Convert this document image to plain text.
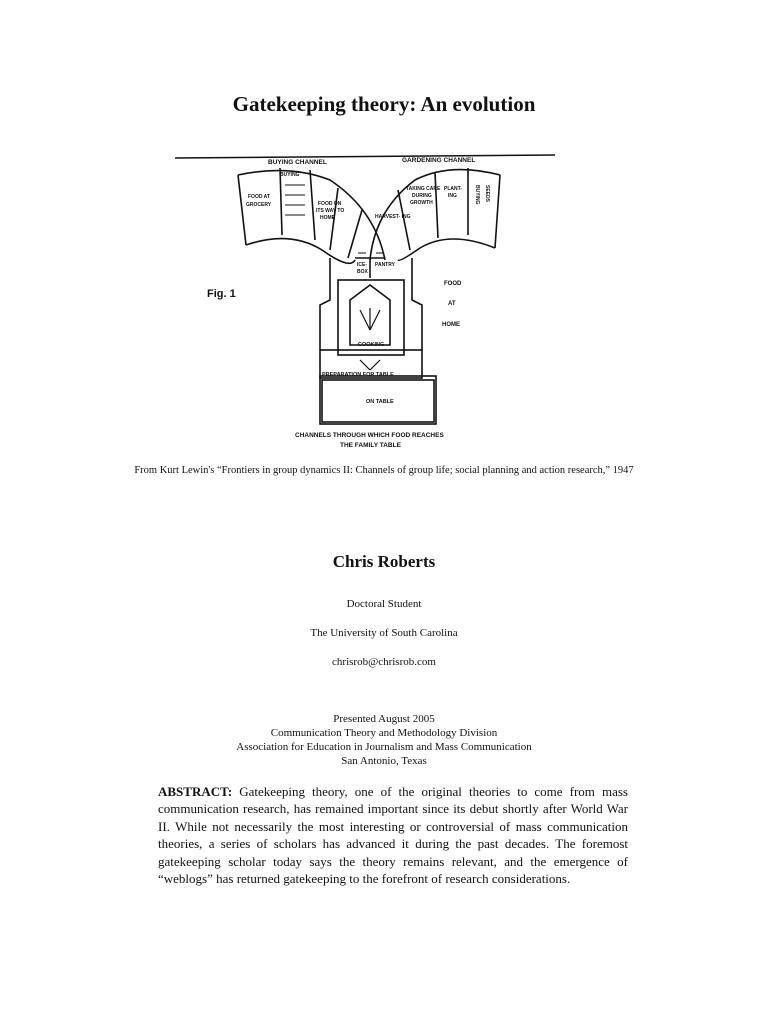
Gatekeeping theory: An evolution
BUYING CHANNEL	GARDENING CHANNEL
BUYING
FOOD AT
GROCERY	FOOD ON
ITS WAY TO
HOME	HARVEST- ING
TAKING CARE
DURING
GROWTH
PLANT-
ING	BUYING SEEDS
ICE-
BOX
PANTRY
COOKING
FOOD
AT
HOME
PREPARATION FOR TABLE
ON TABLE
CHANNELS THROUGH WHICH FOOD REACHES
THE FAMILY TABLE
Fig. 1
From Kurt Lewin's “Frontiers in group dynamics II: Channels of group life; social planning and action research,” 1947
Chris Roberts
Doctoral Student
The University of South Carolina
chrisrob@chrisrob.com
Presented August 2005
Communication Theory and Methodology Division
Association for Education in Journalism and Mass Communication
San Antonio, Texas
ABSTRACT: Gatekeeping theory, one of the original theories to come from mass communication research, has remained important since its debut shortly after World War II. While not necessarily the most interesting or controversial of mass communication theories, a series of scholars has advanced it during the past decades. The foremost gatekeeping scholar today says the theory remains relevant, and the emergence of “weblogs” has returned gatekeeping to the forefront of research considerations.
